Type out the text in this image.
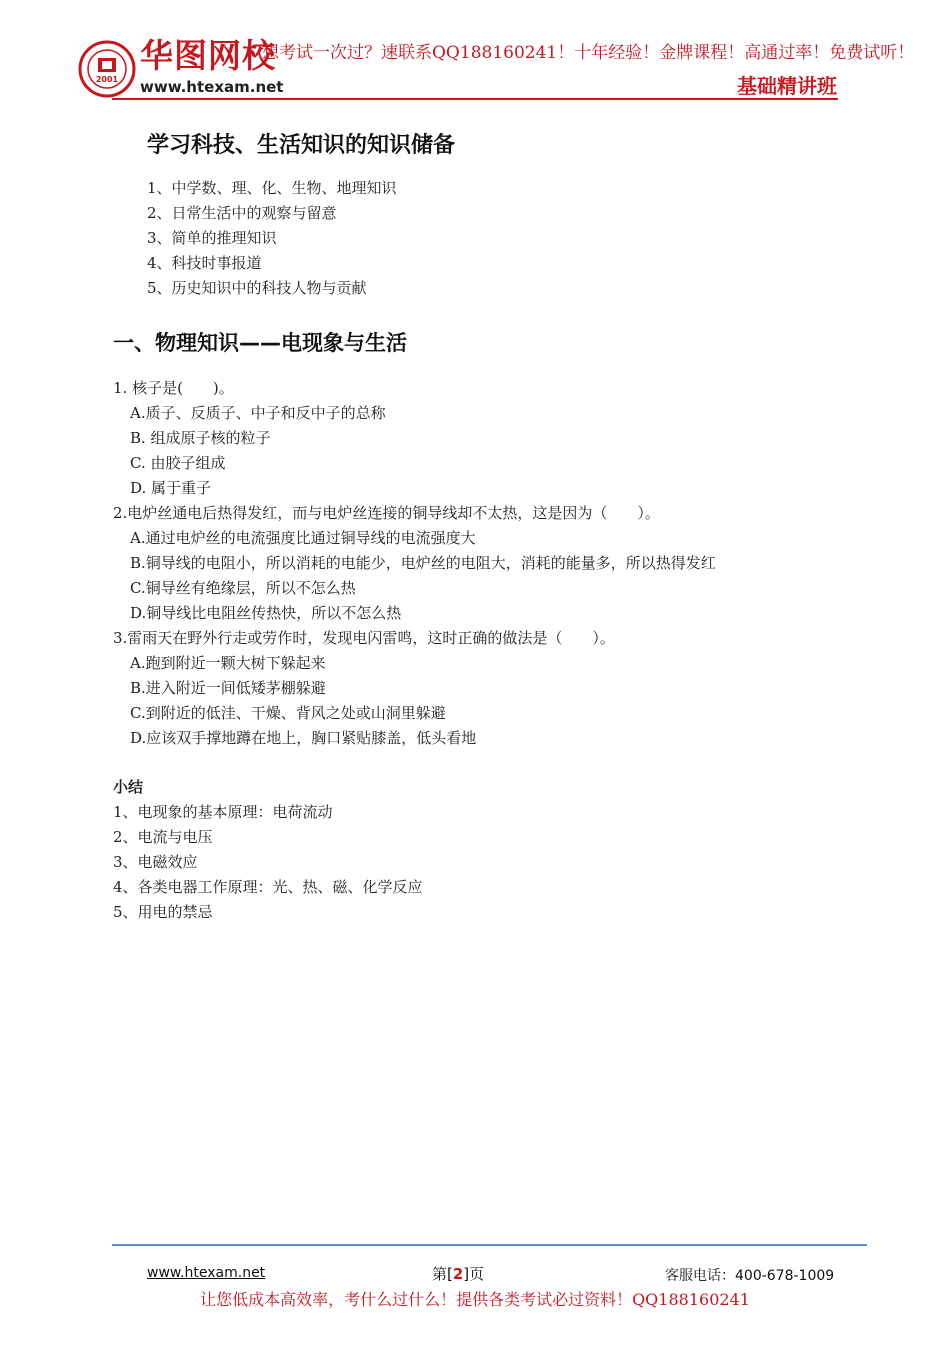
2001
华图网校
www.htexam.net
想考试一次过？速联系QQ188160241！十年经验！金牌课程！高通过率！免费试听！
基础精讲班
学习科技、生活知识的知识储备
1、中学数、理、化、生物、地理知识
2、日常生活中的观察与留意
3、简单的推理知识
4、科技时事报道
5、历史知识中的科技人物与贡献
一、物理知识——电现象与生活
1. 核子是(　　)。
A.质子、反质子、中子和反中子的总称
B. 组成原子核的粒子
C. 由胶子组成
D. 属于重子
2.电炉丝通电后热得发红，而与电炉丝连接的铜导线却不太热，这是因为（　　）。
A.通过电炉丝的电流强度比通过铜导线的电流强度大
B.铜导线的电阻小，所以消耗的电能少，电炉丝的电阻大，消耗的能量多，所以热得发红
C.铜导丝有绝缘层，所以不怎么热
D.铜导线比电阻丝传热快，所以不怎么热
3.雷雨天在野外行走或劳作时，发现电闪雷鸣，这时正确的做法是（　　）。
A.跑到附近一颗大树下躲起来
B.进入附近一间低矮茅棚躲避
C.到附近的低洼、干燥、背风之处或山洞里躲避
D.应该双手撑地蹲在地上，胸口紧贴膝盖，低头看地
小结
1、电现象的基本原理：电荷流动
2、电流与电压
3、电磁效应
4、各类电器工作原理：光、热、磁、化学反应
5、用电的禁忌
www.htexam.net	第[2]页	客服电话：400-678-1009
让您低成本高效率，考什么过什么！提供各类考试必过资料！QQ188160241
